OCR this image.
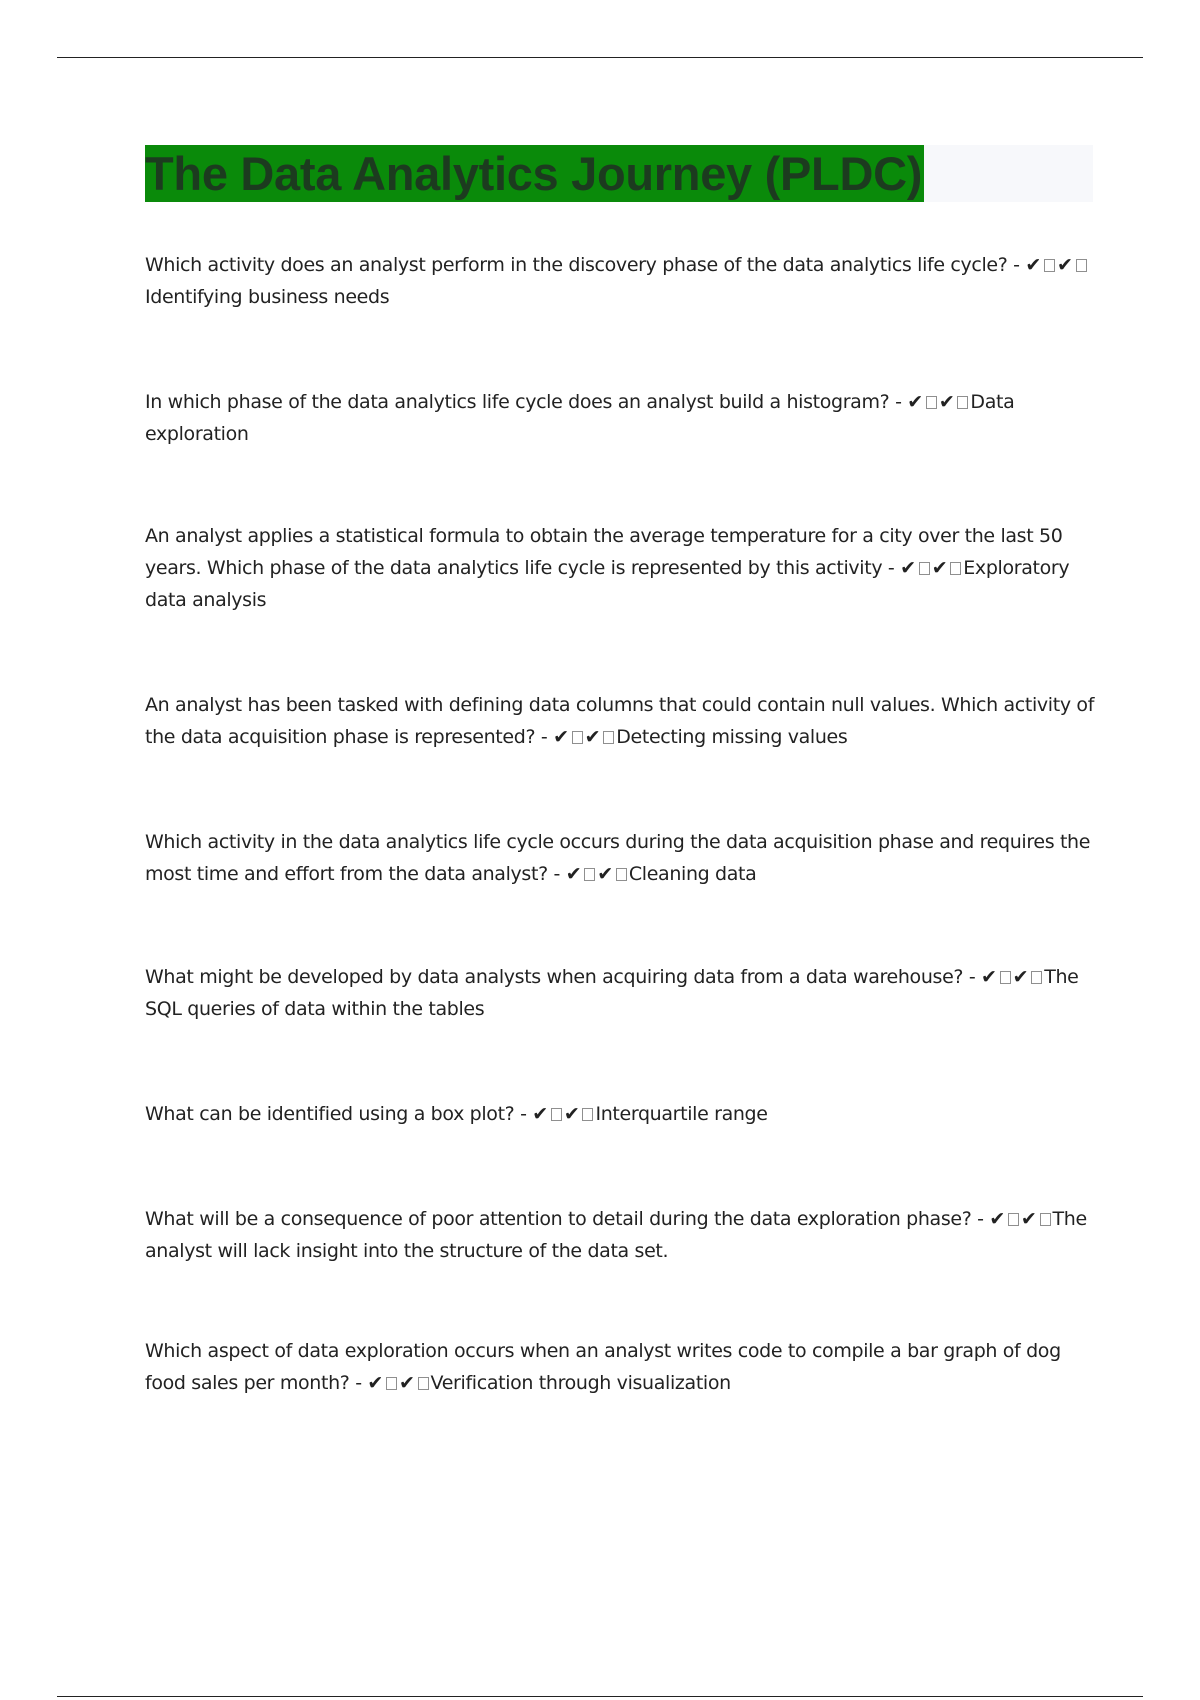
The Data Analytics Journey (PLDC)
Which activity does an analyst perform in the discovery phase of the data analytics life cycle? - ✔ ✔Identifying business needs
In which phase of the data analytics life cycle does an analyst build a histogram? - ✔ ✔ Data exploration
An analyst applies a statistical formula to obtain the average temperature for a city over the last 50 years. Which phase of the data analytics life cycle is represented by this activity - ✔ ✔ Exploratory data analysis
An analyst has been tasked with defining data columns that could contain null values. Which activity of the data acquisition phase is represented? - ✔ ✔ Detecting missing values
Which activity in the data analytics life cycle occurs during the data acquisition phase and requires the most time and effort from the data analyst? - ✔ ✔ Cleaning data
What might be developed by data analysts when acquiring data from a data warehouse? - ✔ ✔ The SQL queries of data within the tables
What can be identified using a box plot? - ✔ ✔ Interquartile range
What will be a consequence of poor attention to detail during the data exploration phase? - ✔ ✔ The analyst will lack insight into the structure of the data set.
Which aspect of data exploration occurs when an analyst writes code to compile a bar graph of dog food sales per month? - ✔ ✔ Verification through visualization
